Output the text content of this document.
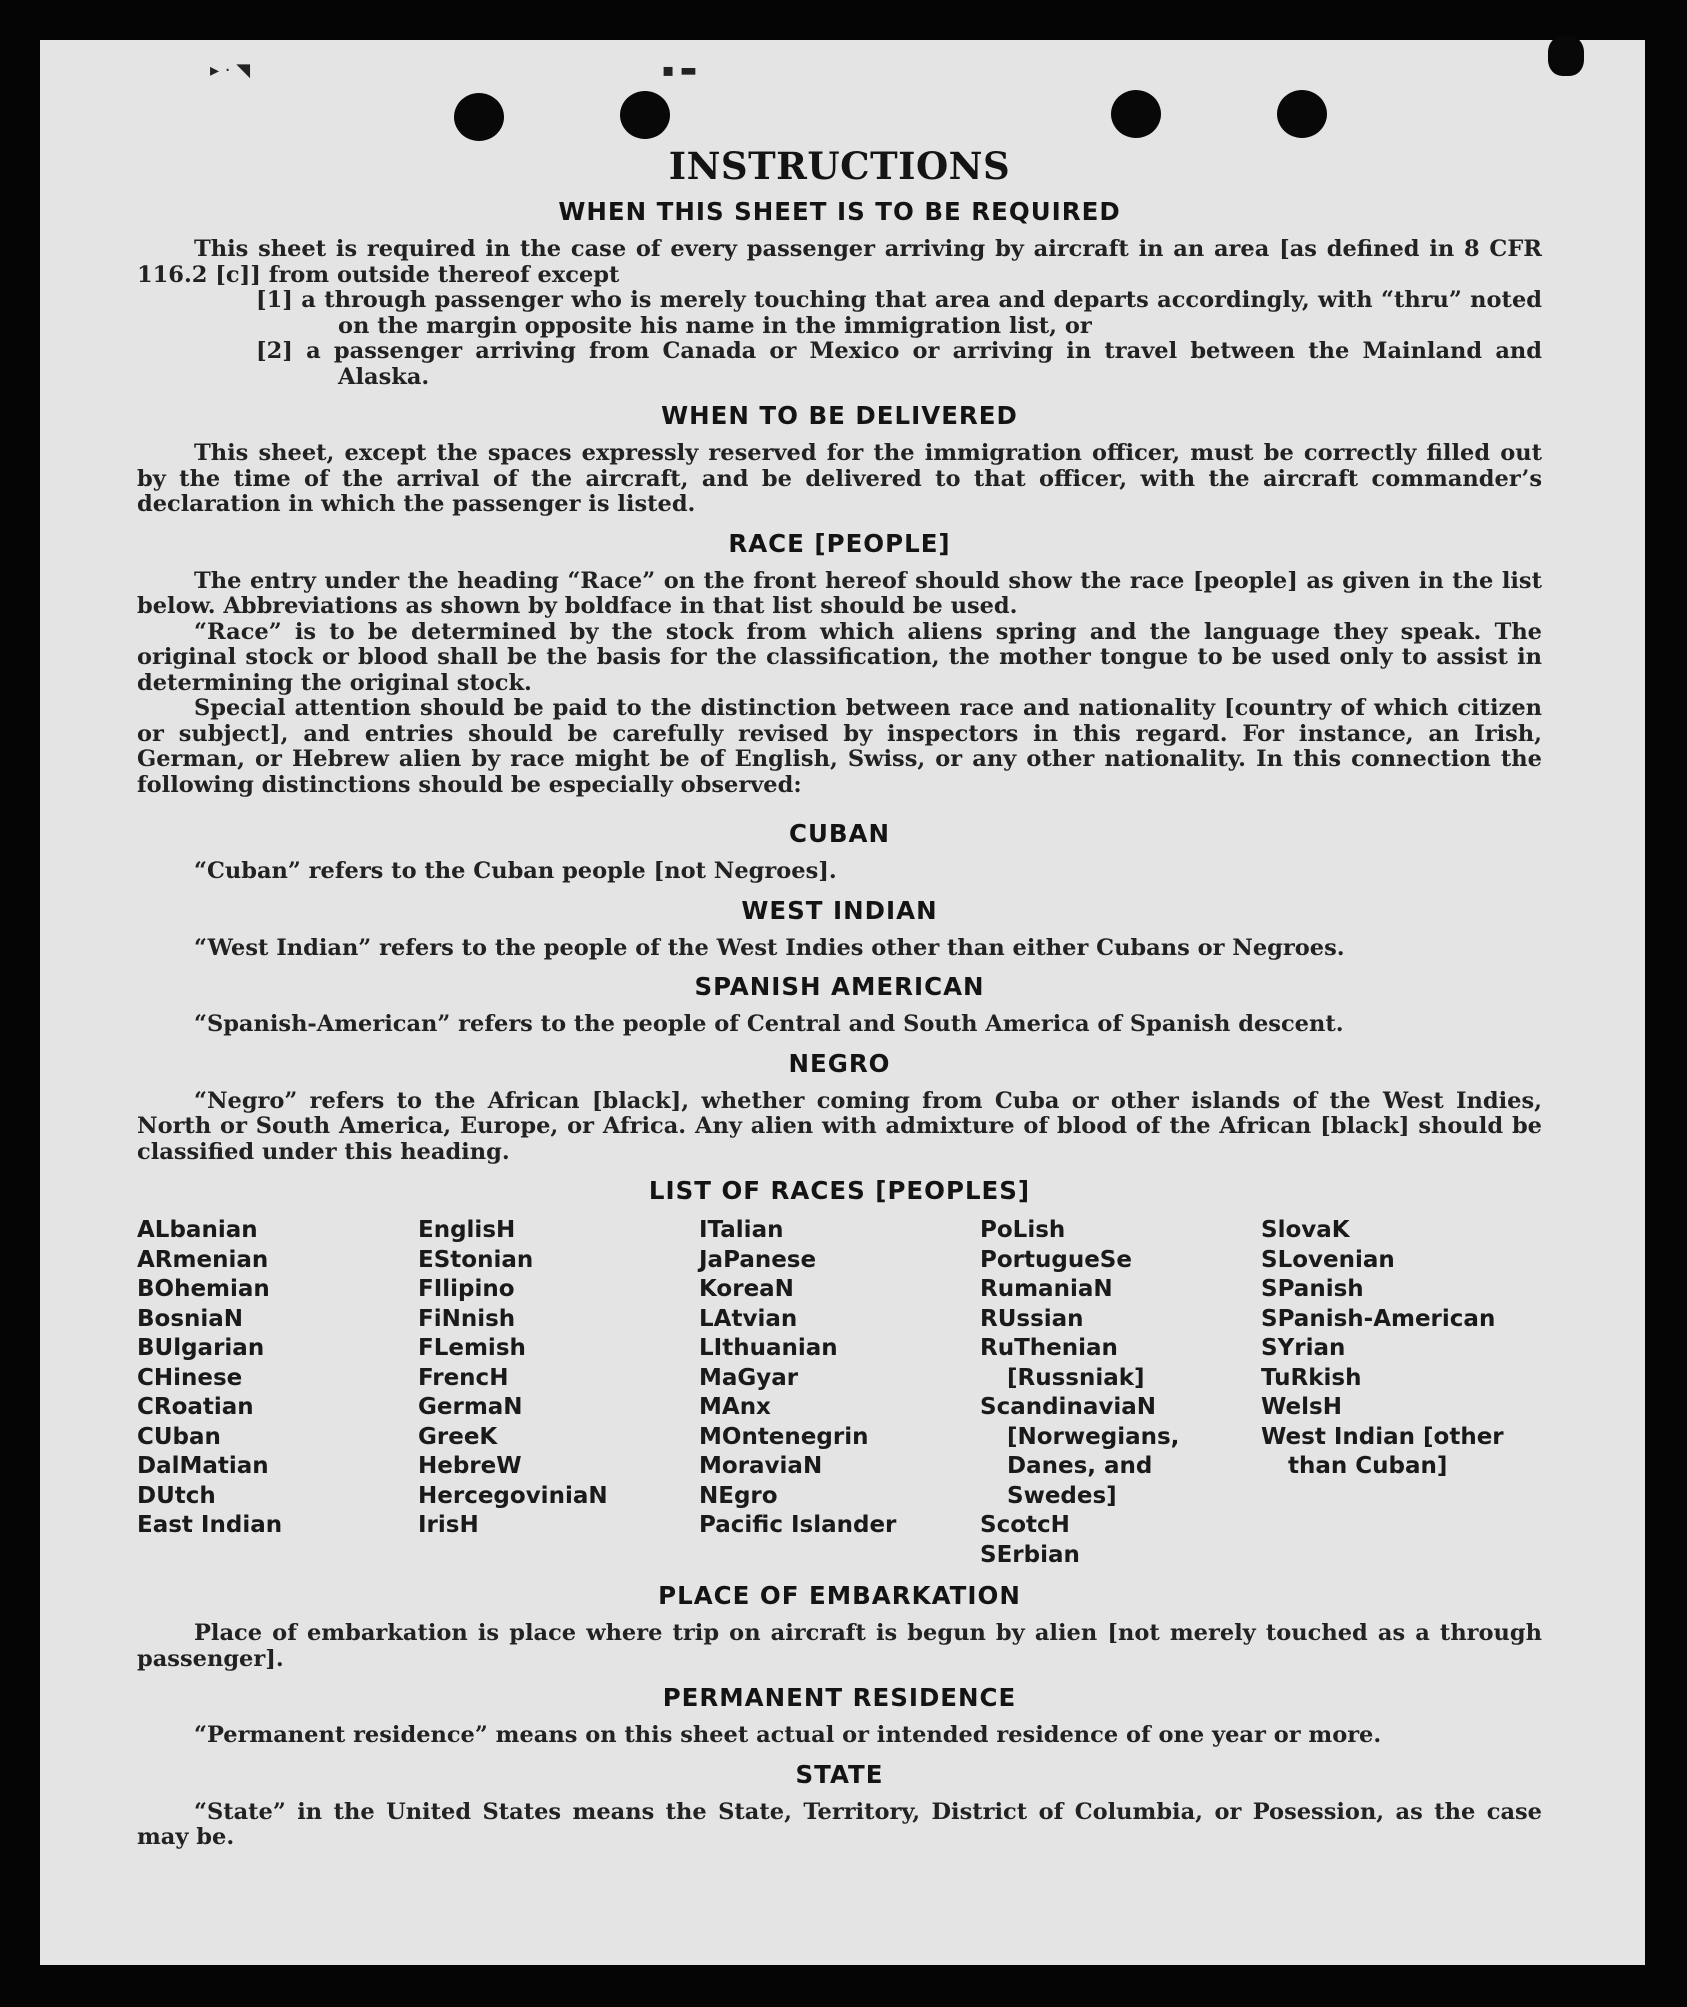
▸ · ◥                                                                        ▪ ▬
INSTRUCTIONS
WHEN THIS SHEET IS TO BE REQUIRED

This sheet is required in the case of every passenger arriving by aircraft in an area [as defined in 8 CFR 116.2 [c]] from outside thereof except

[1] a through passenger who is merely touching that area and departs accordingly, with “thru” noted on the margin opposite his name in the immigration list, or
[2] a passenger arriving from Canada or Mexico or arriving in travel between the Mainland and Alaska.
WHEN TO BE DELIVERED

This sheet, except the spaces expressly reserved for the immigration officer, must be correctly filled out by the time of the arrival of the aircraft, and be delivered to that officer, with the aircraft commander’s declaration in which the passenger is listed.

RACE [PEOPLE]

The entry under the heading “Race” on the front hereof should show the race [people] as given in the list below. Abbreviations as shown by boldface in that list should be used.

“Race” is to be determined by the stock from which aliens spring and the language they speak. The original stock or blood shall be the basis for the classification, the mother tongue to be used only to assist in determining the original stock.

Special attention should be paid to the distinction between race and nationality [country of which citizen or subject], and entries should be carefully revised by inspectors in this regard. For instance, an Irish, German, or Hebrew alien by race might be of English, Swiss, or any other nationality. In this connection the following distinctions should be especially observed:

CUBAN

“Cuban” refers to the Cuban people [not Negroes].

WEST INDIAN

“West Indian” refers to the people of the West Indies other than either Cubans or Negroes.

SPANISH AMERICAN

“Spanish-American” refers to the people of Central and South America of Spanish descent.

NEGRO

“Negro” refers to the African [black], whether coming from Cuba or other islands of the West Indies, North or South America, Europe, or Africa. Any alien with admixture of blood of the African [black] should be classified under this heading.

LIST OF RACES [PEOPLES]
ALbanian
ARmenian
BOhemian
BosniaN
BUlgarian
CHinese
CRoatian
CUban
DalMatian
DUtch
East Indian
EnglisH
EStonian
FIlipino
FiNnish
FLemish
FrencH
GermaN
GreeK
HebreW
HercegoviniaN
IrisH
ITalian
JaPanese
KoreaN
LAtvian
LIthuanian
MaGyar
MAnx
MOntenegrin
MoraviaN
NEgro
Pacific Islander
PoLish
PortugueSe
RumaniaN
RUssian
RuThenian [Russniak]
ScandinaviaN [Norwegians, Danes, and Swedes]
ScotcH
SErbian
SlovaK
SLovenian
SPanish
SPanish-American
SYrian
TuRkish
WelsH
West Indian [other than Cuban]
PLACE OF EMBARKATION

Place of embarkation is place where trip on aircraft is begun by alien [not merely touched as a through passenger].

PERMANENT RESIDENCE

“Permanent residence” means on this sheet actual or intended residence of one year or more.

STATE

“State” in the United States means the State, Territory, District of Columbia, or Posession, as the case may be.
